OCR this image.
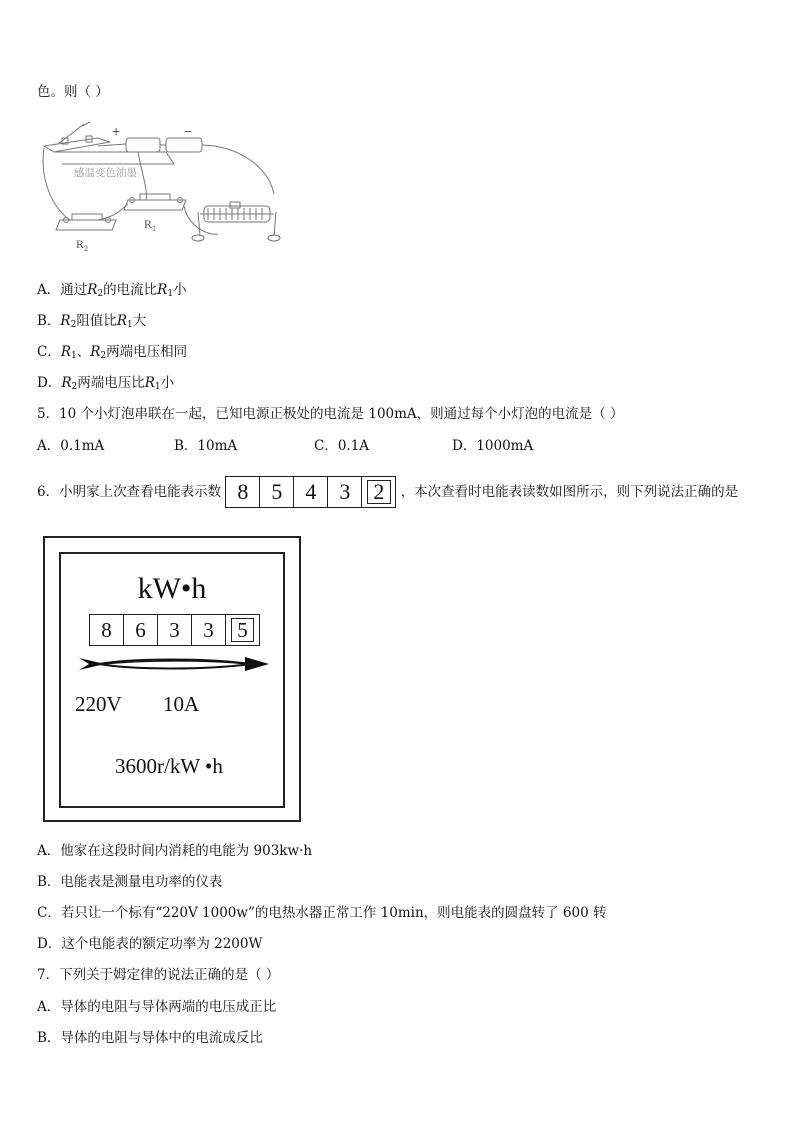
色。则（ ）
+	−
感温变色油墨
$R_1$
$R_2$
A．通过$R_2$的电流比$R_1$小
B．$R_2$阻值比$R_1$大
C．$R_1$、$R_2$两端电压相同
D．$R_2$两端电压比$R_1$小
5．10 个小灯泡串联在一起，已知电源正极处的电流是 100mA，则通过每个小灯泡的电流是（ ）
A．0.1mA	B．10mA	C．0.1A	D．1000mA
6．小明家上次查看电能表示数 8	5	4	3	2	，本次查看时电能表读数如图所示，则下列说法正确的是
kW•h
8	6	3	3	5
220V 10A
3600r/kW •h
A．他家在这段时间内消耗的电能为 903kw·h
B．电能表是测量电功率的仪表
C．若只让一个标有“220V 1000w”的电热水器正常工作 10min，则电能表的圆盘转了 600 转
D．这个电能表的额定功率为 2200W
7．下列关于姆定律的说法正确的是（ ）
A．导体的电阻与导体两端的电压成正比
B．导体的电阻与导体中的电流成反比
